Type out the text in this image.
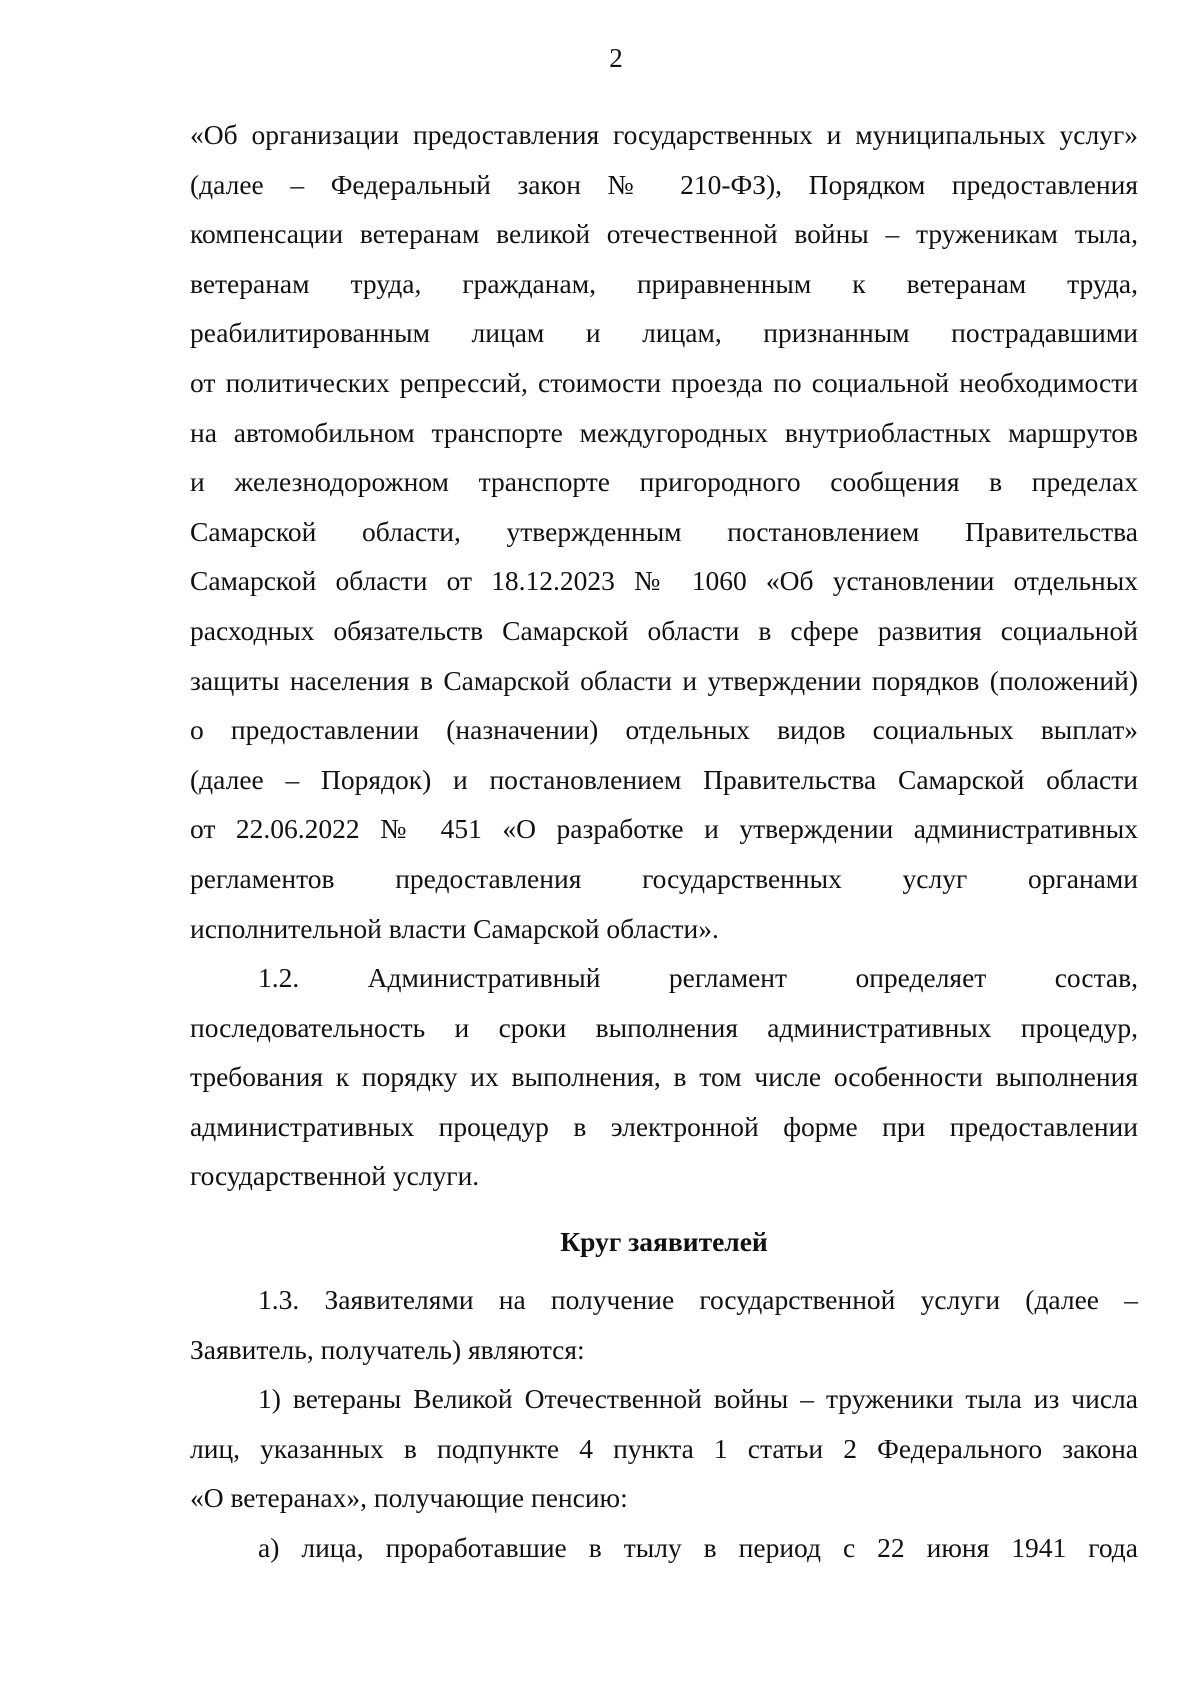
2
«Об организации предоставления государственных и муниципальных услуг»
(далее – Федеральный закон № 210-ФЗ), Порядком предоставления
компенсации ветеранам великой отечественной войны – труженикам тыла,
ветеранам труда, гражданам, приравненным к ветеранам труда,
реабилитированным лицам и лицам, признанным пострадавшими
от политических репрессий, стоимости проезда по социальной необходимости
на автомобильном транспорте междугородных внутриобластных маршрутов
и железнодорожном транспорте пригородного сообщения в пределах
Самарской области, утвержденным постановлением Правительства
Самарской области от 18.12.2023 № 1060 «Об установлении отдельных
расходных обязательств Самарской области в сфере развития социальной
защиты населения в Самарской области и утверждении порядков (положений)
о предоставлении (назначении) отдельных видов социальных выплат»
(далее – Порядок) и постановлением Правительства Самарской области
от 22.06.2022 № 451 «О разработке и утверждении административных
регламентов предоставления государственных услуг органами
исполнительной власти Самарской области».
1.2. Административный регламент определяет состав,
последовательность и сроки выполнения административных процедур,
требования к порядку их выполнения, в том числе особенности выполнения
административных процедур в электронной форме при предоставлении
государственной услуги.
Круг заявителей
1.3. Заявителями на получение государственной услуги (далее –
Заявитель, получатель) являются:
1) ветераны Великой Отечественной войны – труженики тыла из числа
лиц, указанных в подпункте 4 пункта 1 статьи 2 Федерального закона
«О ветеранах», получающие пенсию:
а) лица, проработавшие в тылу в период с 22 июня 1941 года
